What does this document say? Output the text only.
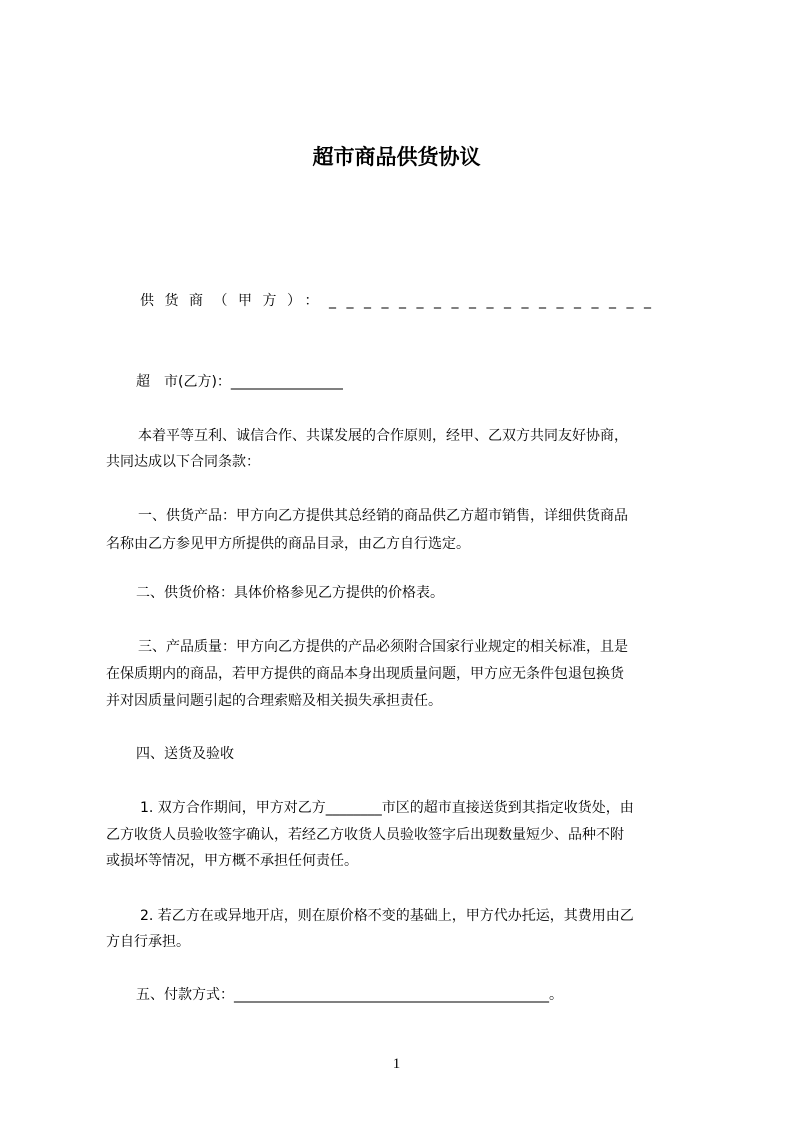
超市商品供货协议

供货商（甲方）：___________________

超　市(乙方)：________________

本着平等互利、诚信合作、共谋发展的合作原则，经甲、乙双方共同友好协商，

共同达成以下合同条款：

一、供货产品：甲方向乙方提供其总经销的商品供乙方超市销售，详细供货商品

名称由乙方参见甲方所提供的商品目录，由乙方自行选定。

二、供货价格：具体价格参见乙方提供的价格表。

三、产品质量：甲方向乙方提供的产品必须附合国家行业规定的相关标准，且是

在保质期内的商品，若甲方提供的商品本身出现质量问题，甲方应无条件包退包换货

并对因质量问题引起的合理索赔及相关损失承担责任。

四、送货及验收

1. 双方合作期间，甲方对乙方________市区的超市直接送货到其指定收货处，由

乙方收货人员验收签字确认，若经乙方收货人员验收签字后出现数量短少、品种不附

或损坏等情况，甲方概不承担任何责任。

2. 若乙方在或异地开店，则在原价格不变的基础上，甲方代办托运，其费用由乙

方自行承担。

五、付款方式：_____________________________________________。

1
